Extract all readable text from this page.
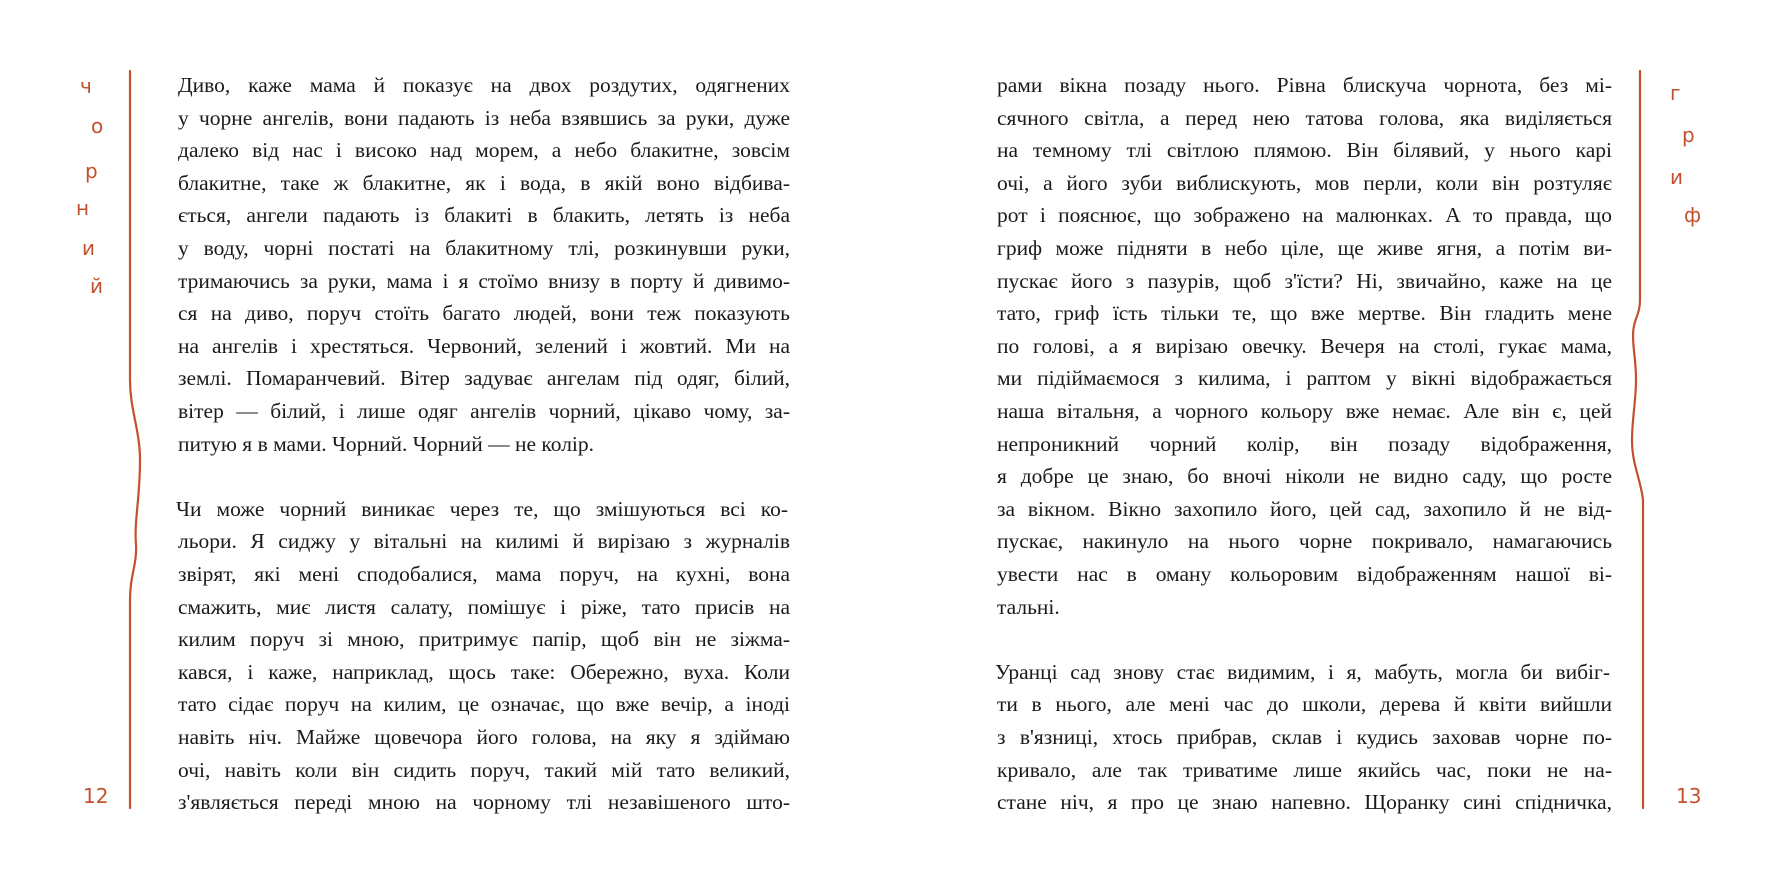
ч
о
р
н
и
й
12
Диво, каже мама й показує на двох роздутих, одягнених
у чорне ангелів, вони падають із неба взявшись за руки, дуже
далеко від нас і високо над морем, а небо блакитне, зовсім
блакитне, таке ж блакитне, як і вода, в якій воно відбива-
ється, ангели падають із блакиті в блакить, летять із неба
у воду, чорні постаті на блакитному тлі, розкинувши руки,
тримаючись за руки, мама і я стоїмо внизу в порту й дивимо-
ся на диво, поруч стоїть багато людей, вони теж показують
на ангелів і хрестяться. Червоний, зелений і жовтий. Ми на
землі. Помаранчевий. Вітер задуває ангелам під одяг, білий,
вітер — білий, і лише одяг ангелів чорний, цікаво чому, за-
питую я в мами. Чорний. Чорний — не колір.
Чи може чорний виникає через те, що змішуються всі ко-
льори. Я сиджу у вітальні на килимі й вирізаю з журналів
звірят, які мені сподобалися, мама поруч, на кухні, вона
смажить, миє листя салату, помішує і ріже, тато присів на
килим поруч зі мною, притримує папір, щоб він не зіжма-
кався, і каже, наприклад, щось таке: Обережно, вуха. Коли
тато сідає поруч на килим, це означає, що вже вечір, а іноді
навіть ніч. Майже щовечора його голова, на яку я здіймаю
очі, навіть коли він сидить поруч, такий мій тато великий,
з'являється переді мною на чорному тлі незавішеного што-
г
р
и
ф
13
рами вікна позаду нього. Рівна блискуча чорнота, без мі-
сячного світла, а перед нею татова голова, яка виділяється
на темному тлі світлою плямою. Він білявий, у нього карі
очі, а його зуби виблискують, мов перли, коли він розтуляє
рот і пояснює, що зображено на малюнках. А то правда, що
гриф може підняти в небо ціле, ще живе ягня, а потім ви-
пускає його з пазурів, щоб з'їсти? Ні, звичайно, каже на це
тато, гриф їсть тільки те, що вже мертве. Він гладить мене
по голові, а я вирізаю овечку. Вечеря на столі, гукає мама,
ми підіймаємося з килима, і раптом у вікні відображається
наша вітальня, а чорного кольору вже немає. Але він є, цей
непроникний чорний колір, він позаду відображення,
я добре це знаю, бо вночі ніколи не видно саду, що росте
за вікном. Вікно захопило його, цей сад, захопило й не від-
пускає, накинуло на нього чорне покривало, намагаючись
увести нас в оману кольоровим відображенням нашої ві-
тальні.
Уранці сад знову стає видимим, і я, мабуть, могла би вибіг-
ти в нього, але мені час до школи, дерева й квіти вийшли
з в'язниці, хтось прибрав, склав і кудись заховав чорне по-
кривало, але так триватиме лише якийсь час, поки не на-
стане ніч, я про це знаю напевно. Щоранку сині спідничка,
